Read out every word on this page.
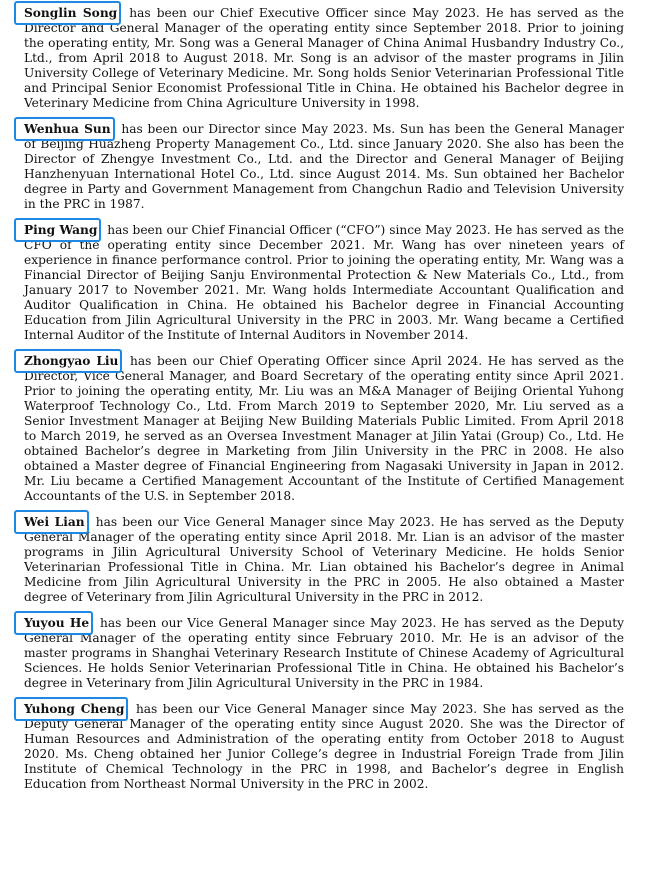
Songlin Song has been our Chief Executive Officer since May 2023. He has served as the Director and General Manager of the operating entity since September 2018. Prior to joining the operating entity, Mr. Song was a General Manager of China Animal Husbandry Industry Co., Ltd., from April 2018 to August 2018. Mr. Song is an advisor of the master programs in Jilin University College of Veterinary Medicine. Mr. Song holds Senior Veterinarian Professional Title and Principal Senior Economist Professional Title in China. He obtained his Bachelor degree in Veterinary Medicine from China Agriculture University in 1998.

Wenhua Sun has been our Director since May 2023. Ms. Sun has been the General Manager of Beijing Huazheng Property Management Co., Ltd. since January 2020. She also has been the Director of Zhengye Investment Co., Ltd. and the Director and General Manager of Beijing Hanzhenyuan International Hotel Co., Ltd. since August 2014. Ms. Sun obtained her Bachelor degree in Party and Government Management from Changchun Radio and Television University in the PRC in 1987.

Ping Wang has been our Chief Financial Officer (“CFO”) since May 2023. He has served as the CFO of the operating entity since December 2021. Mr. Wang has over nineteen years of experience in finance performance control. Prior to joining the operating entity, Mr. Wang was a Financial Director of Beijing Sanju Environmental Protection & New Materials Co., Ltd., from January 2017 to November 2021. Mr. Wang holds Intermediate Accountant Qualification and Auditor Qualification in China. He obtained his Bachelor degree in Financial Accounting Education from Jilin Agricultural University in the PRC in 2003. Mr. Wang became a Certified Internal Auditor of the Institute of Internal Auditors in November 2014.

Zhongyao Liu has been our Chief Operating Officer since April 2024. He has served as the Director, Vice General Manager, and Board Secretary of the operating entity since April 2021. Prior to joining the operating entity, Mr. Liu was an M&A Manager of Beijing Oriental Yuhong Waterproof Technology Co., Ltd. From March 2019 to September 2020, Mr. Liu served as a Senior Investment Manager at Beijing New Building Materials Public Limited. From April 2018 to March 2019, he served as an Oversea Investment Manager at Jilin Yatai (Group) Co., Ltd. He obtained Bachelor’s degree in Marketing from Jilin University in the PRC in 2008. He also obtained a Master degree of Financial Engineering from Nagasaki University in Japan in 2012. Mr. Liu became a Certified Management Accountant of the Institute of Certified Management Accountants of the U.S. in September 2018.

Wei Lian has been our Vice General Manager since May 2023. He has served as the Deputy General Manager of the operating entity since April 2018. Mr. Lian is an advisor of the master programs in Jilin Agricultural University School of Veterinary Medicine. He holds Senior Veterinarian Professional Title in China. Mr. Lian obtained his Bachelor’s degree in Animal Medicine from Jilin Agricultural University in the PRC in 2005. He also obtained a Master degree of Veterinary from Jilin Agricultural University in the PRC in 2012.

Yuyou He has been our Vice General Manager since May 2023. He has served as the Deputy General Manager of the operating entity since February 2010. Mr. He is an advisor of the master programs in Shanghai Veterinary Research Institute of Chinese Academy of Agricultural Sciences. He holds Senior Veterinarian Professional Title in China. He obtained his Bachelor’s degree in Veterinary from Jilin Agricultural University in the PRC in 1984.

Yuhong Cheng has been our Vice General Manager since May 2023. She has served as the Deputy General Manager of the operating entity since August 2020. She was the Director of Human Resources and Administration of the operating entity from October 2018 to August 2020. Ms. Cheng obtained her Junior College’s degree in Industrial Foreign Trade from Jilin Institute of Chemical Technology in the PRC in 1998, and Bachelor’s degree in English Education from Northeast Normal University in the PRC in 2002.
